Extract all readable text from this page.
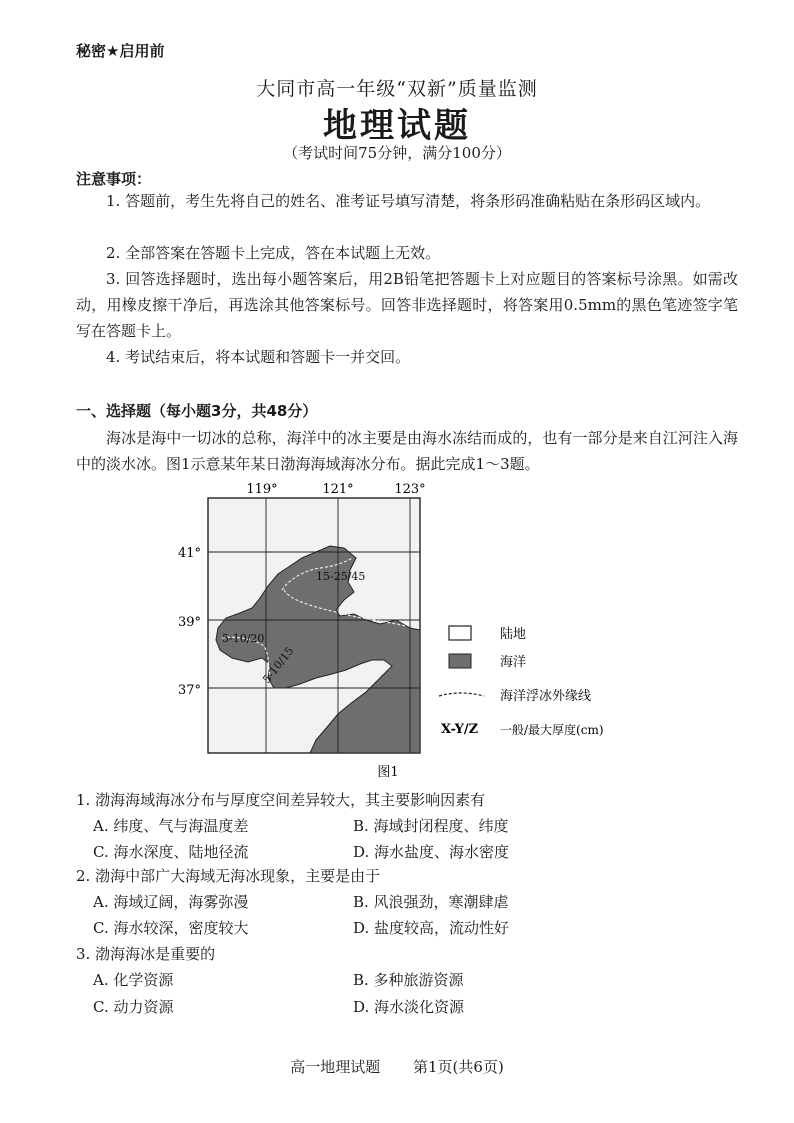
秘密★启用前
大同市高一年级“双新”质量监测
地理试题
（考试时间75分钟，满分100分）
注意事项：
1. 答题前，考生先将自己的姓名、准考证号填写清楚，将条形码准确粘贴在条形码区域内。
2. 全部答案在答题卡上完成，答在本试题上无效。
3. 回答选择题时，选出每小题答案后，用2B铅笔把答题卡上对应题目的答案标号涂黑。如需改动，用橡皮擦干净后，再选涂其他答案标号。回答非选择题时，将答案用0.5mm的黑色笔迹签字笔写在答题卡上。
4. 考试结束后，将本试题和答题卡一并交回。
一、选择题（每小题3分，共48分）
海冰是海中一切冰的总称，海洋中的冰主要是由海水冻结而成的，也有一部分是来自江河注入海中的淡水冰。图1示意某年某日渤海海域海冰分布。据此完成1～3题。
119°	121°	123°
41°
39°
37°
15-25/45
5-10/20
5-10/15
陆地
海洋
海洋浮冰外缘线
X-Y/Z 一般/最大厚度(cm)
图1
1. 渤海海域海冰分布与厚度空间差异较大，其主要影响因素有
A. 纬度、气与海温度差	B. 海域封闭程度、纬度
C. 海水深度、陆地径流	D. 海水盐度、海水密度
2. 渤海中部广大海域无海冰现象，主要是由于
A. 海域辽阔，海雾弥漫	B. 风浪强劲，寒潮肆虐
C. 海水较深，密度较大	D. 盐度较高，流动性好
3. 渤海海冰是重要的
A. 化学资源	B. 多种旅游资源
C. 动力资源	D. 海水淡化资源
高一地理试题 第1页(共6页)
